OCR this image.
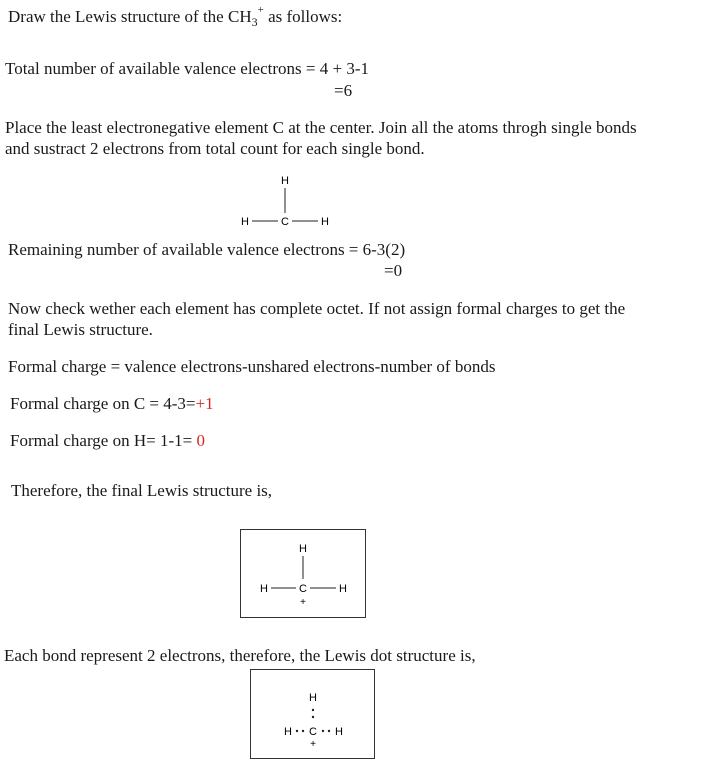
Draw the Lewis structure of the $CH_3^+$ as follows:
Total number of available valence electrons = 4 + 3-1
=6
Place the least electronegative element C at the center. Join all the atoms throgh single bonds
and sustract 2 electrons from total count for each single bond.
H
H	C	H
Remaining number of available valence electrons = 6-3(2)
=0
Now check wether each element has complete octet. If not assign formal charges to get the
final Lewis structure.
Formal charge = valence electrons-unshared electrons-number of bonds
Formal charge on C = 4-3=+1
Formal charge on H= 1-1= 0
Therefore, the final Lewis structure is,
H
H	C	H
+
Each bond represent 2 electrons, therefore, the Lewis dot structure is,
H
H C H
+
